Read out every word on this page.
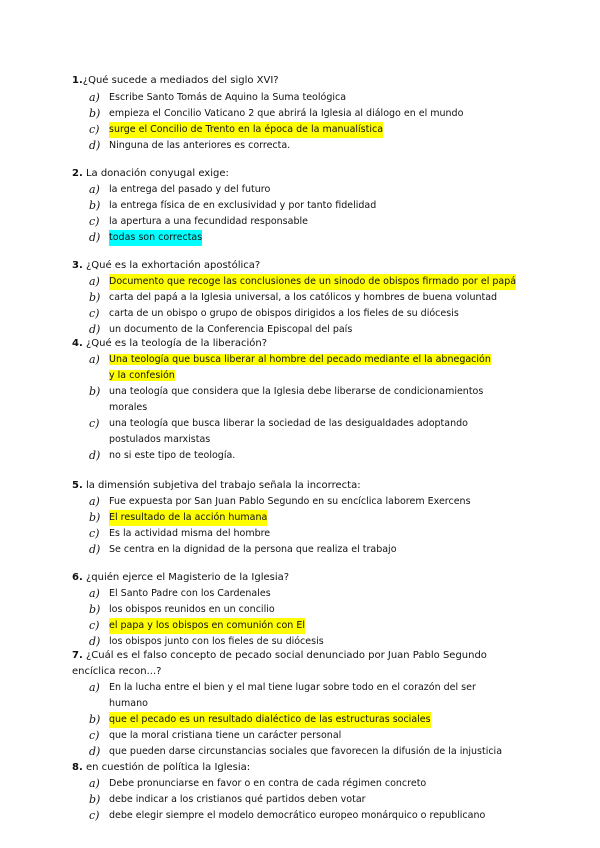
1.¿Qué sucede a mediados del siglo XVI?
a) Escribe Santo Tomás de Aquino la Suma teológica
b) empieza el Concilio Vaticano 2 que abrirá la Iglesia al diálogo en el mundo
c) surge el Concilio de Trento en la época de la manualística
d) Ninguna de las anteriores es correcta.
2. La donación conyugal exige:
a) la entrega del pasado y del futuro
b) la entrega física de en exclusividad y por tanto fidelidad
c) la apertura a una fecundidad responsable
d) todas son correctas
3. ¿Qué es la exhortación apostólica?
a) Documento que recoge las conclusiones de un sinodo de obispos firmado por el papá
b) carta del papá a la Iglesia universal, a los católicos y hombres de buena voluntad
c) carta de un obispo o grupo de obispos dirigidos a los fieles de su diócesis
d) un documento de la Conferencia Episcopal del país
4. ¿Qué es la teología de la liberación?
a) Una teología que busca liberar al hombre del pecado mediante el la abnegación y la confesión
b) una teología que considera que la Iglesia debe liberarse de condicionamientos morales
c) una teología que busca liberar la sociedad de las desigualdades adoptando postulados marxistas
d) no si este tipo de teología.
5. la dimensión subjetiva del trabajo señala la incorrecta:
a) Fue expuesta por San Juan Pablo Segundo en su encíclica laborem Exercens
b) El resultado de la acción humana
c) Es la actividad misma del hombre
d) Se centra en la dignidad de la persona que realiza el trabajo
6. ¿quién ejerce el Magisterio de la Iglesia?
a) El Santo Padre con los Cardenales
b) los obispos reunidos en un concilio
c) el papa y los obispos en comunión con El
d) los obispos junto con los fieles de su diócesis
7. ¿Cuál es el falso concepto de pecado social denunciado por Juan Pablo Segundo encíclica recon...?
a) En la lucha entre el bien y el mal tiene lugar sobre todo en el corazón del ser humano
b) que el pecado es un resultado dialéctico de las estructuras sociales
c) que la moral cristiana tiene un carácter personal
d) que pueden darse circunstancias sociales que favorecen la difusión de la injusticia
8. en cuestión de política la Iglesia:
a) Debe pronunciarse en favor o en contra de cada régimen concreto
b) debe indicar a los cristianos qué partidos deben votar
c) debe elegir siempre el modelo democrático europeo monárquico o republicano
